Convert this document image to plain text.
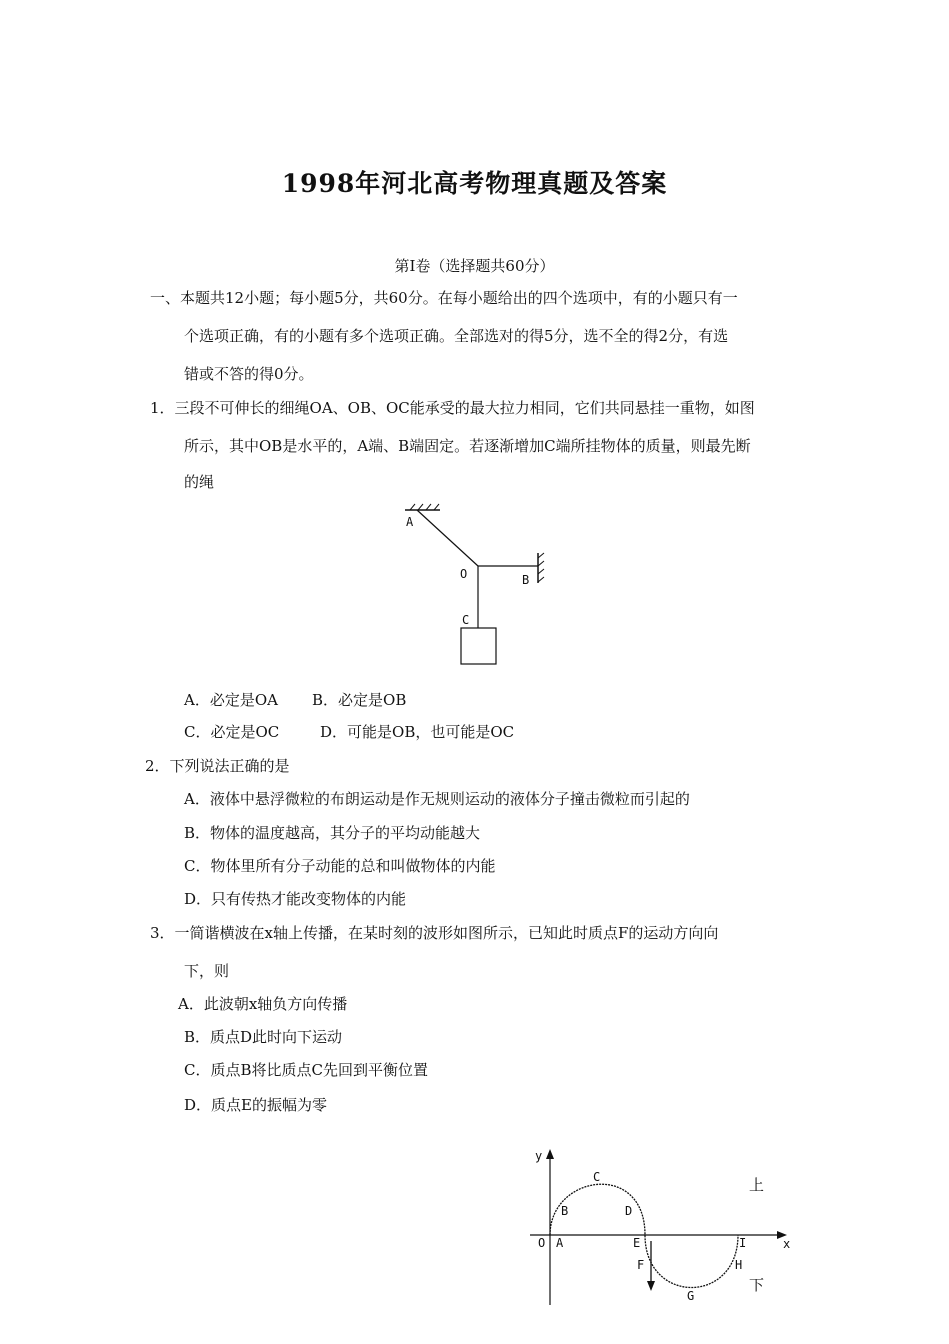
1998年河北高考物理真题及答案
第Ⅰ卷（选择题共60分）
一、本题共12小题；每小题5分，共60分。在每小题给出的四个选项中，有的小题只有一
个选项正确，有的小题有多个选项正确。全部选对的得5分，选不全的得2分，有选
错或不答的得0分。
1．三段不可伸长的细绳OA、OB、OC能承受的最大拉力相同，它们共同悬挂一重物，如图
所示，其中OB是水平的，A端、B端固定。若逐渐增加C端所挂物体的质量，则最先断
的绳
A
O	B
C
A．必定是OA B．必定是OB
C．必定是OC	D．可能是OB，也可能是OC
2．下列说法正确的是
A．液体中悬浮微粒的布朗运动是作无规则运动的液体分子撞击微粒而引起的
B．物体的温度越高，其分子的平均动能越大
C．物体里所有分子动能的总和叫做物体的内能
D．只有传热才能改变物体的内能
3．一简谐横波在x轴上传播，在某时刻的波形如图所示，已知此时质点F的运动方向向
下，则
A．此波朝x轴负方向传播
B．质点D此时向下运动
C．质点B将比质点C先回到平衡位置
D．质点E的振幅为零
y
x
O A
B
C
D
E
F
G
H
I
上
下
